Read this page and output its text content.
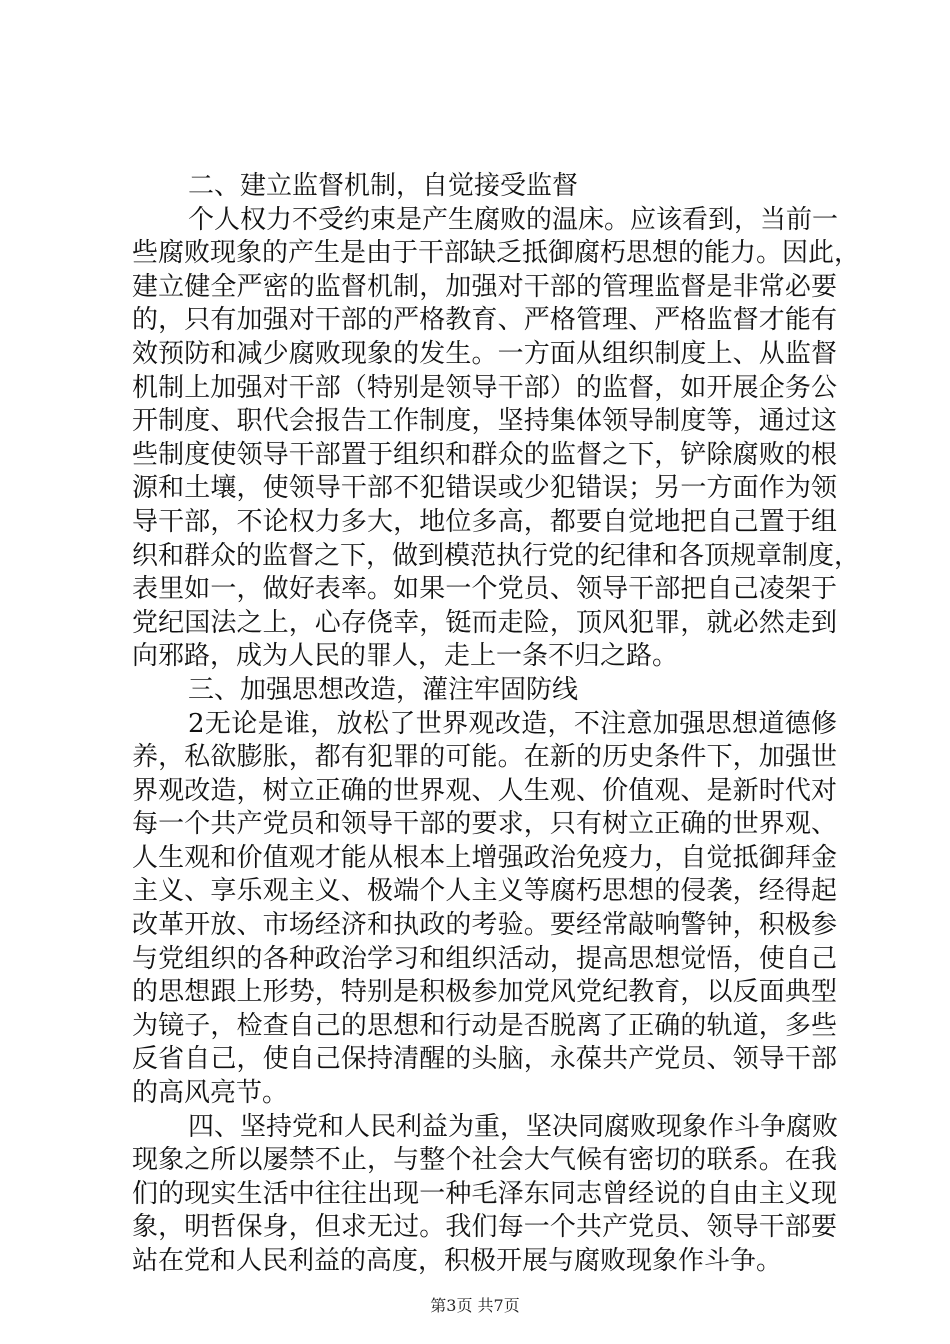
二、建立监督机制，自觉接受监督
个人权力不受约束是产生腐败的温床。应该看到，当前一
些腐败现象的产生是由于干部缺乏抵御腐朽思想的能力。因此，
建立健全严密的监督机制，加强对干部的管理监督是非常必要
的，只有加强对干部的严格教育、严格管理、严格监督才能有
效预防和减少腐败现象的发生。一方面从组织制度上、从监督
机制上加强对干部（特别是领导干部）的监督，如开展企务公
开制度、职代会报告工作制度，坚持集体领导制度等，通过这
些制度使领导干部置于组织和群众的监督之下，铲除腐败的根
源和土壤，使领导干部不犯错误或少犯错误；另一方面作为领
导干部，不论权力多大，地位多高，都要自觉地把自己置于组
织和群众的监督之下，做到模范执行党的纪律和各顶规章制度，
表里如一，做好表率。如果一个党员、领导干部把自己凌架于
党纪国法之上，心存侥幸，铤而走险，顶风犯罪，就必然走到
向邪路，成为人民的罪人，走上一条不归之路。
三、加强思想改造，灌注牢固防线
2无论是谁，放松了世界观改造，不注意加强思想道德修
养，私欲膨胀，都有犯罪的可能。在新的历史条件下，加强世
界观改造，树立正确的世界观、人生观、价值观、是新时代对
每一个共产党员和领导干部的要求，只有树立正确的世界观、
人生观和价值观才能从根本上增强政治免疫力，自觉抵御拜金
主义、享乐观主义、极端个人主义等腐朽思想的侵袭，经得起
改革开放、市场经济和执政的考验。要经常敲响警钟，积极参
与党组织的各种政治学习和组织活动，提高思想觉悟，使自己
的思想跟上形势，特别是积极参加党风党纪教育，以反面典型
为镜子，检查自己的思想和行动是否脱离了正确的轨道，多些
反省自己，使自己保持清醒的头脑，永葆共产党员、领导干部
的高风亮节。
四、坚持党和人民利益为重，坚决同腐败现象作斗争腐败
现象之所以屡禁不止，与整个社会大气候有密切的联系。在我
们的现实生活中往往出现一种毛泽东同志曾经说的自由主义现
象，明哲保身，但求无过。我们每一个共产党员、领导干部要
站在党和人民利益的高度，积极开展与腐败现象作斗争。
第3页 共7页
